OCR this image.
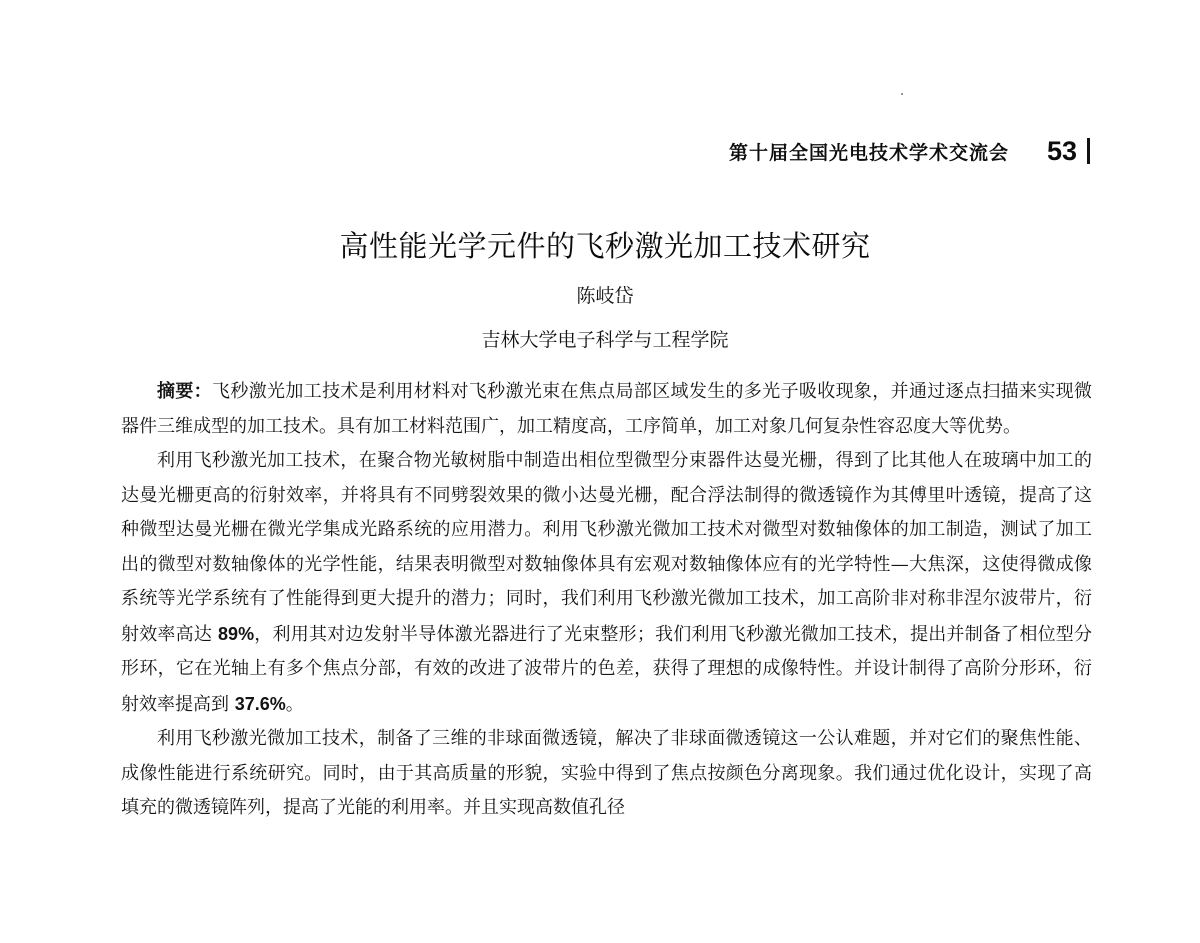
第十届全国光电技术学术交流会 53
高性能光学元件的飞秒激光加工技术研究
陈岐岱
吉林大学电子科学与工程学院

摘要：飞秒激光加工技术是利用材料对飞秒激光束在焦点局部区域发生的多光子吸收现象，并通过逐点扫描来实现微器件三维成型的加工技术。具有加工材料范围广，加工精度高，工序简单，加工对象几何复杂性容忍度大等优势。

利用飞秒激光加工技术，在聚合物光敏树脂中制造出相位型微型分束器件达曼光栅，得到了比其他人在玻璃中加工的达曼光栅更高的衍射效率，并将具有不同劈裂效果的微小达曼光栅，配合浮法制得的微透镜作为其傅里叶透镜，提高了这种微型达曼光栅在微光学集成光路系统的应用潜力。利用飞秒激光微加工技术对微型对数轴像体的加工制造，测试了加工出的微型对数轴像体的光学性能，结果表明微型对数轴像体具有宏观对数轴像体应有的光学特性—大焦深，这使得微成像系统等光学系统有了性能得到更大提升的潜力；同时，我们利用飞秒激光微加工技术，加工高阶非对称非涅尔波带片，衍射效率高达 89%，利用其对边发射半导体激光器进行了光束整形；我们利用飞秒激光微加工技术，提出并制备了相位型分形环，它在光轴上有多个焦点分部，有效的改进了波带片的色差，获得了理想的成像特性。并设计制得了高阶分形环，衍射效率提高到 37.6%。

利用飞秒激光微加工技术，制备了三维的非球面微透镜，解决了非球面微透镜这一公认难题，并对它们的聚焦性能、成像性能进行系统研究。同时，由于其高质量的形貌，实验中得到了焦点按颜色分离现象。我们通过优化设计，实现了高填充的微透镜阵列，提高了光能的利用率。并且实现高数值孔径
